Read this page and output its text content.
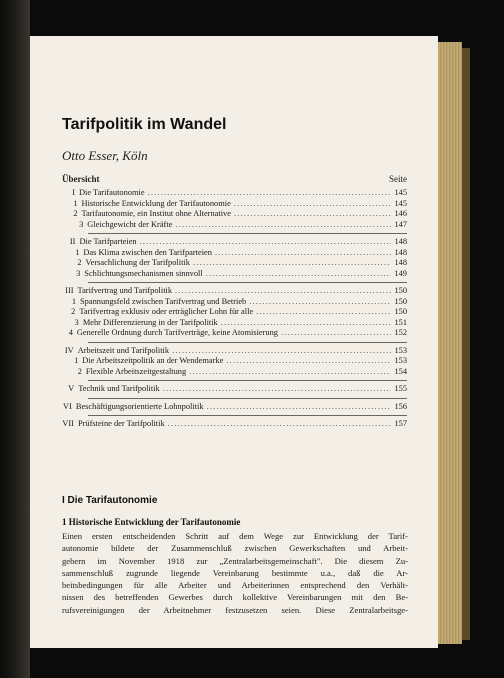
Tarifpolitik im Wandel
Otto Esser, Köln
Übersicht	Seite
I Die Tarifautonomie .....	145
1 Historische Entwicklung der Tarifautonomie .....	145
2 Tarifautonomie, ein Institut ohne Alternative .....	146
3 Gleichgewicht der Kräfte .....	147
II Die Tarifparteien .....	148
1 Das Klima zwischen den Tarifparteien .....	148
2 Versachlichung der Tarifpolitik .....	148
3 Schlichtungsmechanismen sinnvoll .....	149
III Tarifvertrag und Tarifpolitik .....	150
1 Spannungsfeld zwischen Tarifvertrag und Betrieb .....	150
2 Tarifvertrag exklusiv oder erträglicher Lohn für alle .....	150
3 Mehr Differenzierung in der Tarifpolitik .....	151
4 Generelle Ordnung durch Tarifverträge, keine Atomisierung .....	152
IV Arbeitszeit und Tarifpolitik .....	153
1 Die Arbeitszeitpolitik an der Wendemarke .....	153
2 Flexible Arbeitszeitgestaltung .....	154
V Technik und Tarifpolitik .....	155
VI Beschäftigungsorientierte Lohnpolitik .....	156
VII Prüfsteine der Tarifpolitik .....	157
I Die Tarifautonomie
1 Historische Entwicklung der Tarifautonomie
Einen ersten entscheidenden Schritt auf dem Wege zur Entwicklung der Tarif-
autonomie bildete der Zusammenschluß zwischen Gewerkschaften und Arbeit-
gebern im November 1918 zur „Zentralarbeitsgemeinschaft". Die diesem Zu-
sammenschluß zugrunde liegende Vereinbarung bestimmte u.a., daß die Ar-
beitsbedingungen für alle Arbeiter und Arbeiterinnen entsprechend den Verhält-
nissen des betreffenden Gewerbes durch kollektive Vereinbarungen mit den Be-
rufsvereinigungen der Arbeitnehmer festzusetzen seien. Diese Zentralarbeitsge-
